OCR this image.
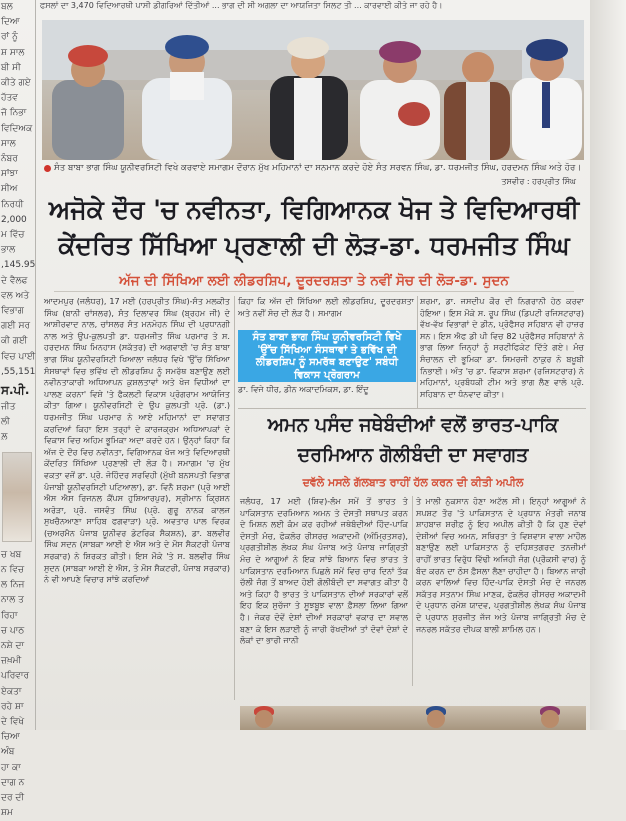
ਫਸਲਾਂ ਦਾ 3,470 ਵਿਦਿਆਰਥੀ ਪਾਸੀ ਡੀਗਰਿਆਂ ਦਿੱਤੀਆਂ ... ਭਾਗ ਦੀ ਸੀ ਅਗਲਾ ਦਾ ਆਯਜਿਤਾ ਸਿਲਟ ਤੀ ... ਕਾਰਵਾਈ ਕੀਤੇ ਜਾ ਰਹੇ ਹੈ।
ਬਲ
ਦਿਆ
ਰਾਂ ਨੂੰ
ਸ਼ ਸਾਲ
ਬੀ ਸੀ
ਕੀਤੇ ਗਏ
ਹੱਤਵ
ਜੋ ਨਿਭਾ
ਵਿਦਿਅਕ
ਸਾਲ
ਨੰਬਰ
ਸਾਂਝਾ
ਸੀਅ
ਨਿਰਧੀ
2,000
ਮ ਵਿੱਚ
ਭਾਲ
,145.95
ਦੇ ਵੈਲਫ
ਵਲ ਅਤੇ
ਵਿਭਾਗ
ਗਈ ਸਰ
ਕੀ ਗਈ
ਵਿਚ ਪਾਈ
,55,151
ਸ.ਪੀ.
ਜੀਤ
ਲੀ
ਲ਼
ਚ ਖਬ
ਨ ਵਿਚ
ਲ ਨਿਜ
ਨਾਲ ਤ
ਰਿਹਾ
ਚ ਪਾਠ
ਨਸ਼ੇ ਦਾ
ਜ਼ਖ਼ਮੀ
ਪਰਿਵਾਰ
ਏਕਤਾ
ਰਹੇ ਸ਼ਾ
ਦੇ ਵਿਖੇ
ਚਿਆ
ਅੰਬ
ਹਾ ਕਾ
ਦਾਗ ਨ
ਦਰ ਦੀ
ਸ਼ਮ
ਸੰਤ ਬਾਬਾ ਭਾਗ ਸਿੰਘ ਯੂਨੀਵਰਸਿਟੀ ਵਿਖੇ ਕਰਵਾਏ ਸਮਾਗਮ ਦੌਰਾਨ ਮੁੱਖ ਮਹਿਮਾਨਾਂ ਦਾ ਸਨਮਾਨ ਕਰਦੇ ਹੋਏ ਸੰਤ ਸਰਵਨ ਸਿੰਘ, ਡਾ. ਧਰਮਜੀਤ ਸਿੰਘ, ਹਰਦਮਨ ਸਿੰਘ ਅਤੇ ਹੋਰ।
ਤਸਵੀਰ : ਹਰਪ੍ਰੀਤ ਸਿੰਘ
ਅਜੋਕੇ ਦੌਰ 'ਚ ਨਵੀਨਤਾ, ਵਿਗਿਆਨਕ ਖੋਜ ਤੇ ਵਿਦਿਆਰਥੀ
ਕੇਂਦਰਿਤ ਸਿੱਖਿਆ ਪ੍ਰਣਾਲੀ ਦੀ ਲੋੜ-ਡਾ. ਧਰਮਜੀਤ ਸਿੰਘ
ਅੱਜ ਦੀ ਸਿੱਖਿਆ ਲਈ ਲੀਡਰਸ਼ਿਪ, ਦੂਰਦਰਸ਼ਤਾ ਤੇ ਨਵੀਂ ਸੋਚ ਦੀ ਲੋੜ-ਡਾ. ਸੁਦਨ
ਆਦਮਪੁਰ (ਜਲੰਧਰ), 17 ਮਈ (ਹਰਪ੍ਰੀਤ ਸਿੰਘ)-ਸੰਤ ਮਲਕੀਤ ਸਿੰਘ (ਬਾਨੀ ਚਾਂਸਲਰ), ਸੰਤ ਦਿਲਾਵਰ ਸਿੰਘ (ਬ੍ਰਹਮ ਜੀ) ਦੇ ਆਸ਼ੀਰਵਾਦ ਨਾਲ, ਚਾਂਸਲਰ ਸੰਤ ਮਨਮੋਹਨ ਸਿੰਘ ਦੀ ਪ੍ਰਧਾਨਗੀ ਨਾਲ ਅਤੇ ਉਪ-ਕੁਲਪਤੀ ਡਾ. ਧਰਮਜੀਤ ਸਿੰਘ ਪਰਮਾਰ ਤੇ ਸ. ਹਰਦਮਨ ਸਿੰਘ ਮਿਨਹਾਸ (ਸਕੱਤਰ) ਦੀ ਅਗਵਾਈ 'ਚ ਸੰਤ ਬਾਬਾ ਭਾਗ ਸਿੰਘ ਯੂਨੀਵਰਸਿਟੀ ਖਿਆਲਾ ਜਲੰਧਰ ਵਿਖੇ 'ਉੱਚ ਸਿੱਖਿਆ ਸੰਸਥਾਵਾਂ ਵਿਚ ਭਵਿੱਖ ਦੀ ਲੀਡਰਸ਼ਿਪ ਨੂੰ ਸਮਰੱਥ ਬਣਾਉਣ ਲਈ ਨਵੀਨਤਾਕਾਰੀ ਅਧਿਆਪਨ ਕੁਸ਼ਲਤਾਵਾਂ ਅਤੇ ਖੋਜ ਵਿਧੀਆਂ ਦਾ ਪਾਲਣ ਕਰਨਾ' ਵਿਸ਼ੇ 'ਤੇ ਫੈਕਲਟੀ ਵਿਕਾਸ ਪ੍ਰੋਗਰਾਮ ਆਯੋਜਿਤ ਕੀਤਾ ਗਿਆ। ਯੂਨੀਵਰਸਿਟੀ ਦੇ ਉਪ ਕੁਲਪਤੀ ਪ੍ਰੋ. (ਡਾ.) ਧਰਮਜੀਤ ਸਿੰਘ ਪਰਮਾਰ ਨੇ ਆਏ ਮਹਿਮਾਨਾਂ ਦਾ ਸਵਾਗਤ ਕਰਦਿਆਂ ਕਿਹਾ ਇਸ ਤਰ੍ਹਾਂ ਦੇ ਕਾਰਜਕ੍ਰਮ ਅਧਿਆਪਕਾਂ ਦੇ ਵਿਕਾਸ ਵਿਚ ਅਹਿਮ ਭੂਮਿਕਾ ਅਦਾ ਕਰਦੇ ਹਨ। ਉਨ੍ਹਾਂ ਕਿਹਾ ਕਿ ਅੱਜ ਦੇ ਦੌਰ ਵਿਚ ਨਵੀਨਤਾ, ਵਿਗਿਆਨਕ ਖੋਜ ਅਤੇ ਵਿਦਿਆਰਥੀ ਕੇਂਦਰਿਤ ਸਿੱਖਿਆ ਪ੍ਰਣਾਲੀ ਦੀ ਲੋੜ ਹੈ। ਸਮਾਗਮ 'ਚ ਮੁੱਖ ਵਕਤਾ ਵਜੋਂ ਡਾ. ਪ੍ਰੋ. ਜੋਹਿੰਦਰ ਸਰਵਿਹੀ (ਮੁੱਖੀ ਬਨਸਪਤੀ ਵਿਭਾਗ ਪੰਜਾਬੀ ਯੂਨੀਵਰਸਿਟੀ ਪਟਿਆਲਾ), ਡਾ. ਵਿਨੈ ਸ਼ਰਮਾ (ਪ੍ਰੋ ਆਈ ਐਸ ਐਸ ਰਿਜਨਲ ਕੈਂਪਸ ਹੁਸ਼ਿਆਰਪੁਰ), ਸ੍ਰੀਮਾਨ ਕ੍ਰਿਸ਼ਨ ਅਰੋੜਾ, ਪ੍ਰੋ. ਜਸਵੰਤ ਸਿੰਘ (ਪ੍ਰੋ. ਗੁਰੂ ਨਾਨਕ ਕਾਲਜ ਸੁਖਚੈਨਆਣਾ ਸਾਹਿਬ ਫਗਵਾੜਾ) ਪ੍ਰੋ. ਅਵਤਾਰ ਪਾਲ ਵਿਰਕ (ਚਅਰਮੈਨ ਪੰਜਾਬ ਯੂਨੀਵਰ ਡੇਟਰਿਕ ਸੈਕਸ਼ਨ), ਡਾ. ਬਲਵੀਰ ਸਿੰਘ ਸਦਨ (ਸਾਬਕਾ ਆਈ ਏ ਐਸ ਅਤੇ ਦੇ ਮੌਸ ਸੈਕਟਰੀ ਪੰਜਾਬ ਸਰਕਾਰ) ਨੇ ਸ਼ਿਰਕਤ ਕੀਤੀ। ਇਸ ਮੌਕੇ 'ਤੇ ਸ. ਬਲਵੀਰ ਸਿੰਘ ਸੁਦਨ (ਸਾਬਕਾ ਆਈ ਏ ਐਸ, ਤੇ ਮੌਸ ਸੈਕਟਰੀ, ਪੰਜਾਬ ਸਰਕਾਰ) ਨੇ ਵੀ ਆਪਣੇ ਵਿਚਾਰ ਸਾਂਝੇ ਕਰਦਿਆਂ
ਕਿਹਾ ਕਿ ਅੱਜ ਦੀ ਸਿੱਖਿਆ ਲਈ ਲੀਡਰਸ਼ਿਪ, ਦੂਰਦਰਸ਼ਤਾ ਅਤੇ ਨਵੀਂ ਸੋਚ ਦੀ ਲੋੜ ਹੈ। ਸਮਾਗਮ
ਸੰਤ ਬਾਬਾ ਭਾਗ ਸਿੰਘ ਯੂਨੀਵਰਸਿਟੀ ਵਿਖੇ 'ਉੱਚ ਸਿੱਖਿਆ ਸੰਸਥਾਵਾਂ ਤੇ ਭਵਿੱਖ ਦੀ ਲੀਡਰਸ਼ਿਪ ਨੂੰ ਸਮਰੱਥ ਬਣਾਉਣ' ਸਬੰਧੀ ਵਿਕਾਸ ਪ੍ਰੋਗਰਾਮ
ਡਾ. ਵਿਜੇ ਧੀਰ, ਡੀਨ ਅਕਾਦਮਿਕਸ, ਡਾ. ਇੰਦੂ
ਸ਼ਰਮਾ, ਡਾ. ਜਸਦੀਪ ਕੌਰ ਦੀ ਨਿਗਰਾਨੀ ਹੇਠ ਕਰਵਾ ਹੋਇਆ। ਇਸ ਮੌਕੇ ਸ. ਰੂਪ ਸਿੰਘ (ਡਿਪਟੀ ਰਜਿਸਟਰਾਰ) ਵੱਖ-ਵੱਖ ਵਿਭਾਗਾਂ ਦੇ ਡੀਨ, ਪ੍ਰੋਫੈਸਰ ਸਹਿਬਾਨ ਵੀ ਹਾਜ਼ਰ ਸਨ। ਇਸ ਐਫ ਡੀ ਪੀ ਵਿਚ 82 ਪ੍ਰੋਫੈਸਰ ਸਹਿਬਾਨਾਂ ਨੇ ਭਾਗ ਲਿਆ ਜਿਨ੍ਹਾਂ ਨੂੰ ਸਰਟੀਫਿਕੇਟ ਦਿੱਤੇ ਗਏ। ਮੰਚ ਸੰਚਾਲਨ ਦੀ ਭੂਮਿਕਾ ਡਾ. ਸਿਮਰਜੀ ਠਾਕੁਰ ਨੇ ਬਖੂਬੀ ਨਿਭਾਈ। ਅੰਤ 'ਚ ਡਾ. ਵਿਕਾਸ ਸ਼ਰਮਾ (ਰਜਿਸਟਰਾਰ) ਨੇ ਮਹਿਮਾਨਾਂ, ਪ੍ਰਬੰਧਕੀ ਟੀਮ ਅਤੇ ਭਾਗ ਲੈਣ ਵਾਲੇ ਪ੍ਰੋ. ਸਹਿਬਾਨ ਦਾ ਧੰਨਵਾਦ ਕੀਤਾ।
ਅਮਨ ਪਸੰਦ ਜਥੇਬੰਦੀਆਂ ਵਲੋਂ ਭਾਰਤ-ਪਾਕਿ
ਦਰਮਿਆਨ ਗੋਲੀਬੰਦੀ ਦਾ ਸਵਾਗਤ
ਦਵੱਲੇ ਮਸਲੇ ਗੱਲਬਾਤ ਰਾਹੀਂ ਹੱਲ ਕਰਨ ਦੀ ਕੀਤੀ ਅਪੀਲ
ਜਲੰਧਰ, 17 ਮਈ (ਸ਼ਿਵ)-ਲੰਮ ਸਮੇਂ ਤੋਂ ਭਾਰਤ ਤੇ ਪਾਕਿਸਤਾਨ ਦਰਮਿਆਨ ਅਮਨ ਤੇ ਦੋਸਤੀ ਸਥਾਪਤ ਕਰਨ ਦੇ ਮਿਸ਼ਨ ਲਈ ਕੰਮ ਕਰ ਰਹੀਆਂ ਜਥੇਬੰਦੀਆਂ ਹਿੰਦ-ਪਾਕਿ ਦੋਸਤੀ ਮੰਚ, ਫੋਕਲੋਰ ਰੀਸਰਚ ਅਕਾਦਮੀ (ਅੰਮ੍ਰਿਤਸਰ), ਪ੍ਰਗਤੀਸ਼ੀਲ ਲੇਖਕ ਸੰਘ ਪੰਜਾਬ ਅਤੇ ਪੰਜਾਬ ਜਾਗ੍ਰਿਤੀ ਮੰਚ ਦੇ ਆਗੂਆਂ ਨੇ ਇਕ ਸਾਂਝੇ ਬਿਆਨ ਵਿਚ ਭਾਰਤ ਤੇ ਪਾਕਿਸਤਾਨ ਦਰਮਿਆਨ ਪਿਛਲੇ ਸਮੇਂ ਵਿਚ ਚਾਰ ਦਿਨਾਂ ਤੱਕ ਚੱਲੀ ਜੰਗ ਤੋਂ ਬਾਅਦ ਹੋਈ ਗੋਲੀਬੰਦੀ ਦਾ ਸਵਾਗਤ ਕੀਤਾ ਹੈ ਅਤੇ ਕਿਹਾ ਹੈ ਭਾਰਤ ਤੇ ਪਾਕਿਸਤਾਨ ਦੀਆਂ ਸਰਕਾਰਾਂ ਵਲੋਂ ਇਹ ਇਕ ਸੁਚੱਜਾ ਤੇ ਸੂਝਬੂਝ ਵਾਲਾ ਫ਼ੈਸਲਾ ਲਿਆ ਗਿਆ ਹੈ। ਜੇਕਰ ਦੋਵੇਂ ਦੇਸ਼ਾਂ ਦੀਆਂ ਸਰਕਾਰਾਂ ਵਕਾਰ ਦਾ ਸਵਾਲ ਬਣਾ ਕੇ ਇਸ ਲੜਾਈ ਨੂੰ ਜਾਰੀ ਰੱਖਦੀਆਂ ਤਾਂ ਦੋਵਾਂ ਦੇਸ਼ਾਂ ਦੇ ਲੋਕਾਂ ਦਾ ਭਾਰੀ ਜਾਨੀ
ਤੇ ਮਾਲੀ ਨੁਕਸਾਨ ਹੋਣਾ ਅਟੱਲ ਸੀ। ਇਨ੍ਹਾਂ ਆਗੂਆਂ ਨੇ ਸਪਸ਼ਟ ਤੌਰ 'ਤੇ ਪਾਕਿਸਤਾਨ ਦੇ ਪ੍ਰਧਾਨ ਮੰਤਰੀ ਜਨਾਬ ਸ਼ਾਹਬਾਜ਼ ਸ਼ਰੀਫ਼ ਨੂੰ ਇਹ ਅਪੀਲ ਕੀਤੀ ਹੈ ਕਿ ਹੁਣ ਦੋਵਾਂ ਦੇਸ਼ੀਆਂ ਵਿਚ ਅਮਨ, ਸਥਿਰਤਾ ਤੇ ਵਿਸ਼ਵਾਸ ਵਾਲਾ ਮਾਹੌਲ ਬਣਾਉਣ ਲਈ ਪਾਕਿਸਤਾਨ ਨੂੰ ਦਹਿਸ਼ਤਗਰਦ ਤਨਜ਼ੀਮਾਂ ਰਾਹੀਂ ਭਾਰਤ ਵਿਰੁੱਧ ਵਿੱਢੀ ਅਜਿਹੀ ਜੰਗ (ਪ੍ਰੌਕਸੀ ਵਾਰ) ਨੂੰ ਬੰਦ ਕਰਨ ਦਾ ਠੋਸ ਫ਼ੈਸਲਾ ਲੈਣਾ ਚਾਹੀਦਾ ਹੈ। ਬਿਆਨ ਜਾਰੀ ਕਰਨ ਵਾਲਿਆਂ ਵਿਚ ਹਿੰਦ-ਪਾਕਿ ਦੋਸਤੀ ਮੰਚ ਦੇ ਜਨਰਲ ਸਕੱਤਰ ਸਤਨਾਮ ਸਿੰਘ ਮਾਣਕ, ਫੋਕਲੋਰ ਰੀਸਰਚ ਅਕਾਦਮੀ ਦੇ ਪ੍ਰਧਾਨ ਰਮੇਸ਼ ਯਾਦਵ, ਪ੍ਰਗਤੀਸ਼ੀਲ ਲੇਖਕ ਸੰਘ ਪੰਜਾਬ ਦੇ ਪ੍ਰਧਾਨ ਸੁਰਜੀਤ ਜੱਜ ਅਤੇ ਪੰਜਾਬ ਜਾਗ੍ਰਿਤੀ ਮੰਚ ਦੇ ਜਨਰਲ ਸਕੱਤਰ ਦੀਪਕ ਬਾਲੀ ਸ਼ਾਮਿਲ ਹਨ।
